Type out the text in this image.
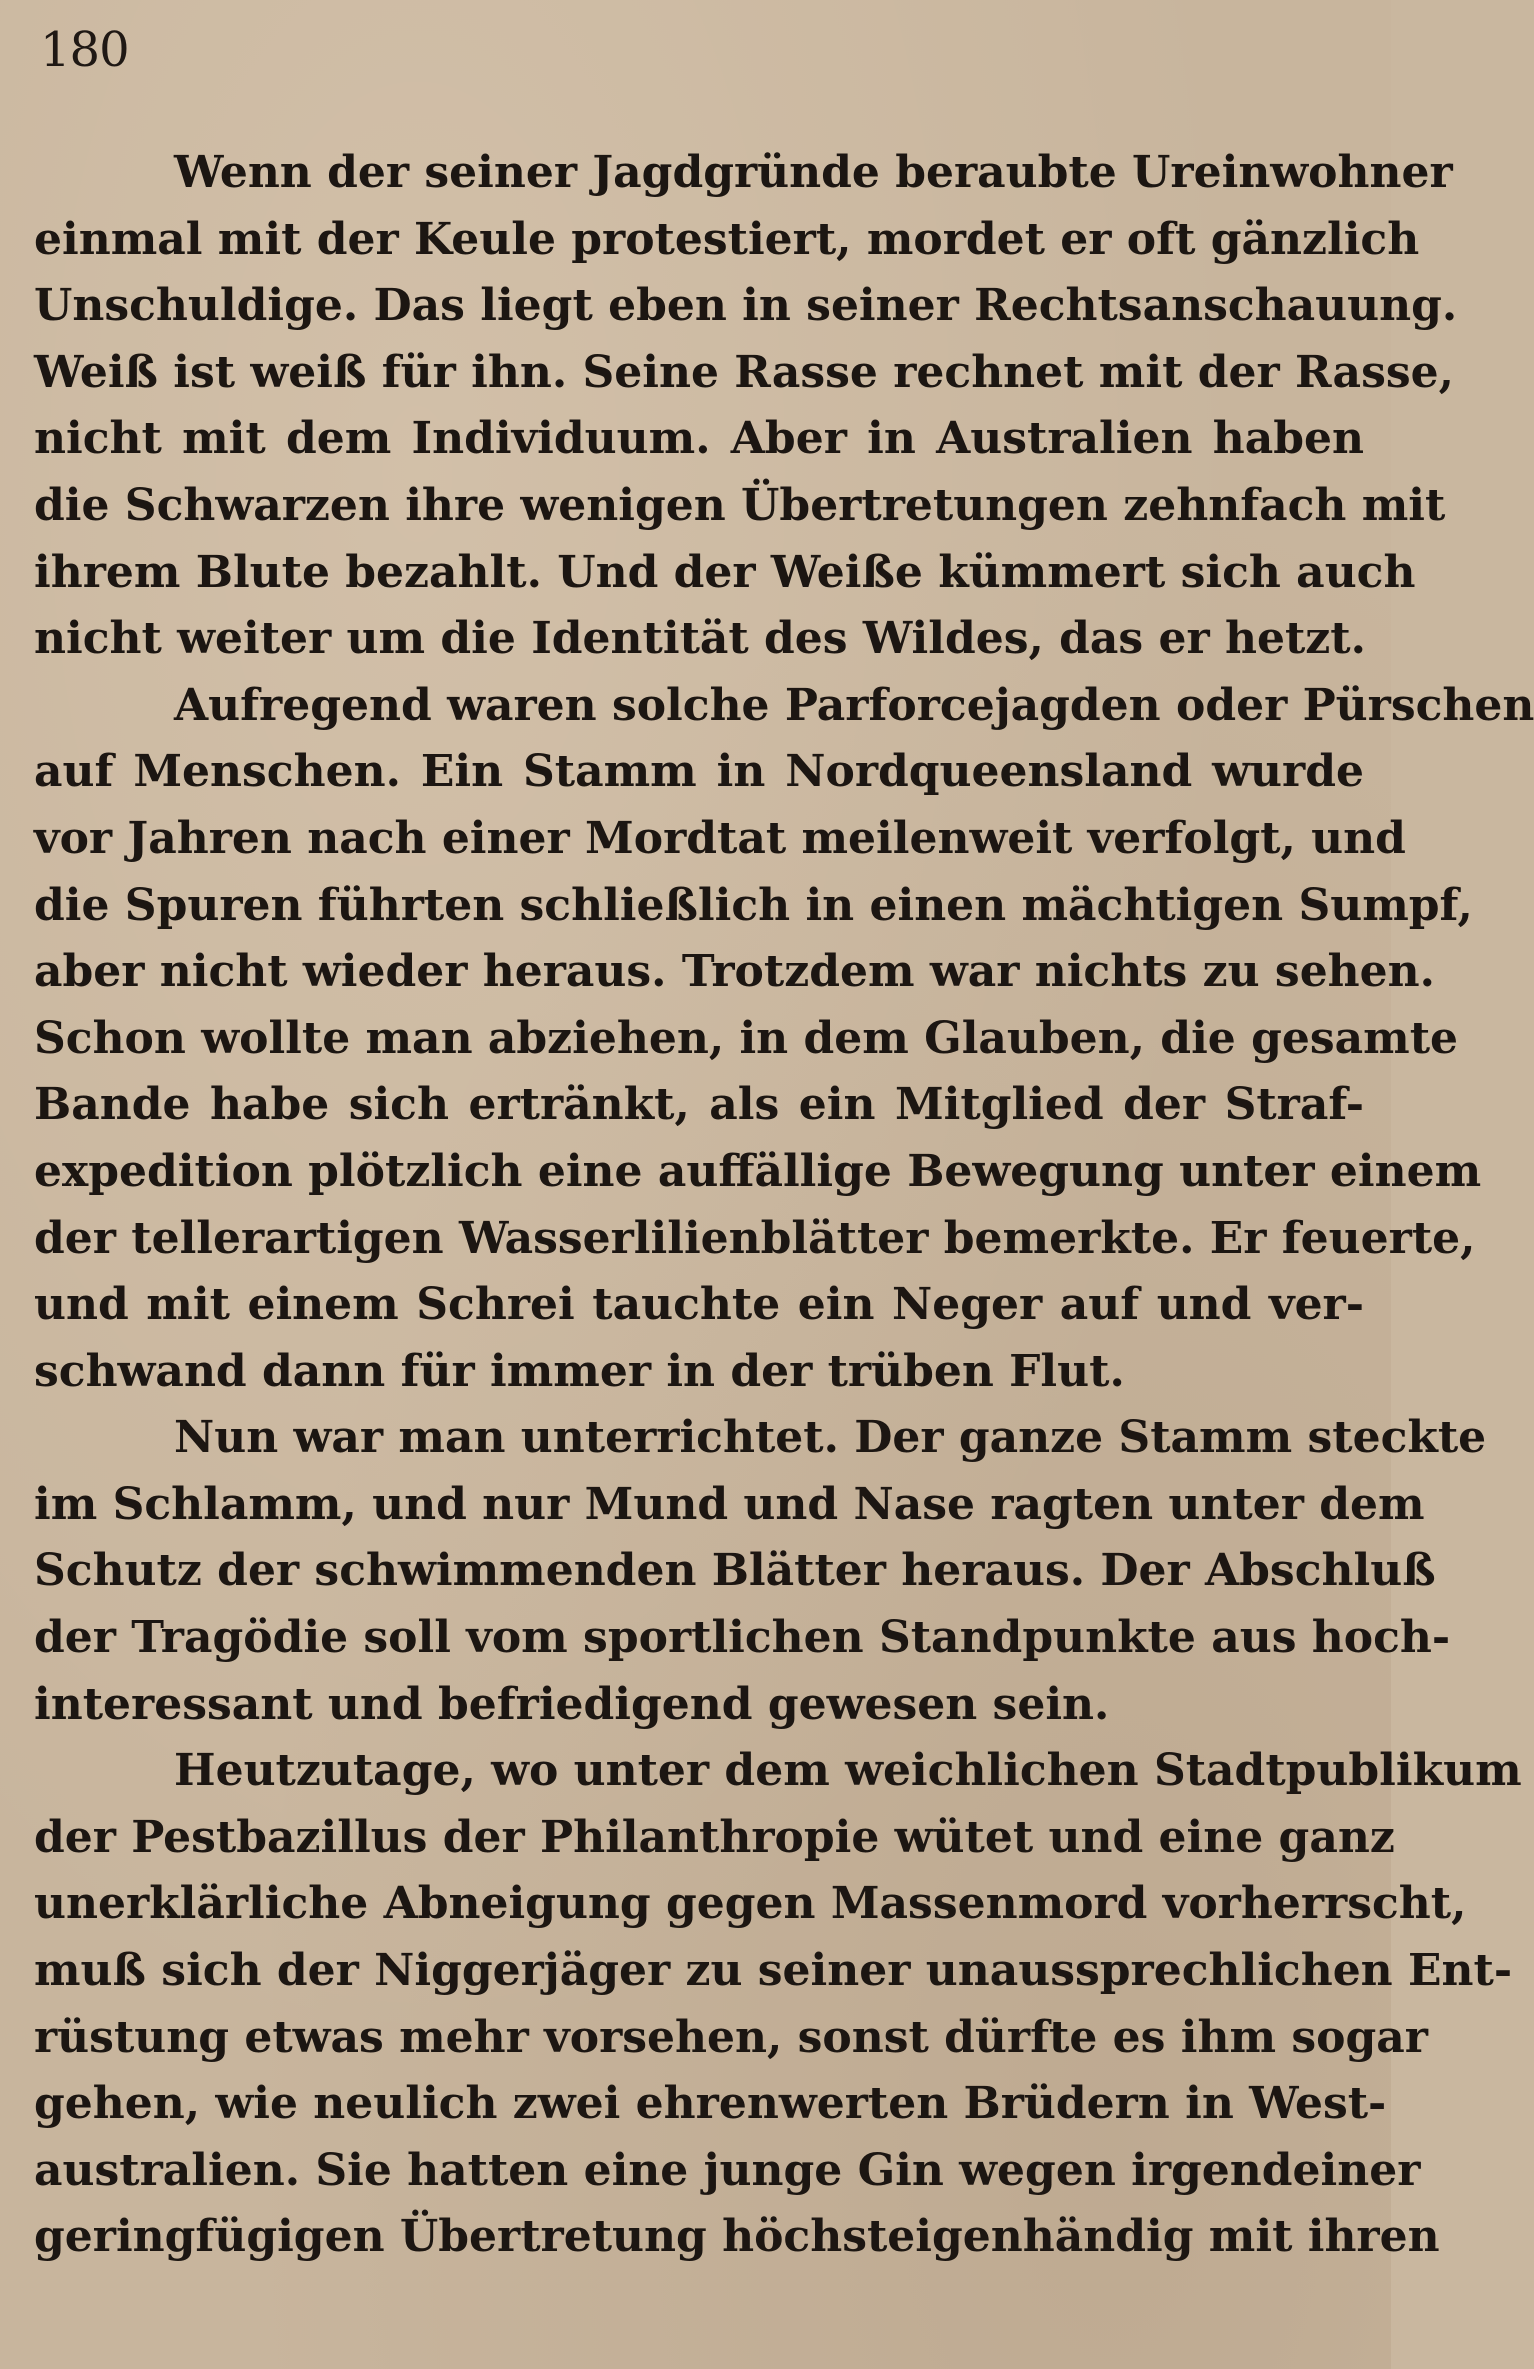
180
Wenn der seiner Jagdgründe beraubte Ureinwohner
einmal mit der Keule protestiert, mordet er oft gänzlich
Unschuldige. Das liegt eben in seiner Rechtsanschauung.
Weiß ist weiß für ihn. Seine Rasse rechnet mit der Rasse,
nicht mit dem Individuum. Aber in Australien haben
die Schwarzen ihre wenigen Übertretungen zehnfach mit
ihrem Blute bezahlt. Und der Weiße kümmert sich auch
nicht weiter um die Identität des Wildes, das er hetzt.
Aufregend waren solche Parforcejagden oder Pürschen
auf Menschen. Ein Stamm in Nordqueensland wurde
vor Jahren nach einer Mordtat meilenweit verfolgt, und
die Spuren führten schließlich in einen mächtigen Sumpf,
aber nicht wieder heraus. Trotzdem war nichts zu sehen.
Schon wollte man abziehen, in dem Glauben, die gesamte
Bande habe sich ertränkt, als ein Mitglied der Straf-
expedition plötzlich eine auffällige Bewegung unter einem
der tellerartigen Wasserlilienblätter bemerkte. Er feuerte,
und mit einem Schrei tauchte ein Neger auf und ver-
schwand dann für immer in der trüben Flut.
Nun war man unterrichtet. Der ganze Stamm steckte
im Schlamm, und nur Mund und Nase ragten unter dem
Schutz der schwimmenden Blätter heraus. Der Abschluß
der Tragödie soll vom sportlichen Standpunkte aus hoch-
interessant und befriedigend gewesen sein.
Heutzutage, wo unter dem weichlichen Stadtpublikum
der Pestbazillus der Philanthropie wütet und eine ganz
unerklärliche Abneigung gegen Massenmord vorherrscht,
muß sich der Niggerjäger zu seiner unaussprechlichen Ent-
rüstung etwas mehr vorsehen, sonst dürfte es ihm sogar
gehen, wie neulich zwei ehrenwerten Brüdern in West-
australien. Sie hatten eine junge Gin wegen irgendeiner
geringfügigen Übertretung höchsteigenhändig mit ihren
